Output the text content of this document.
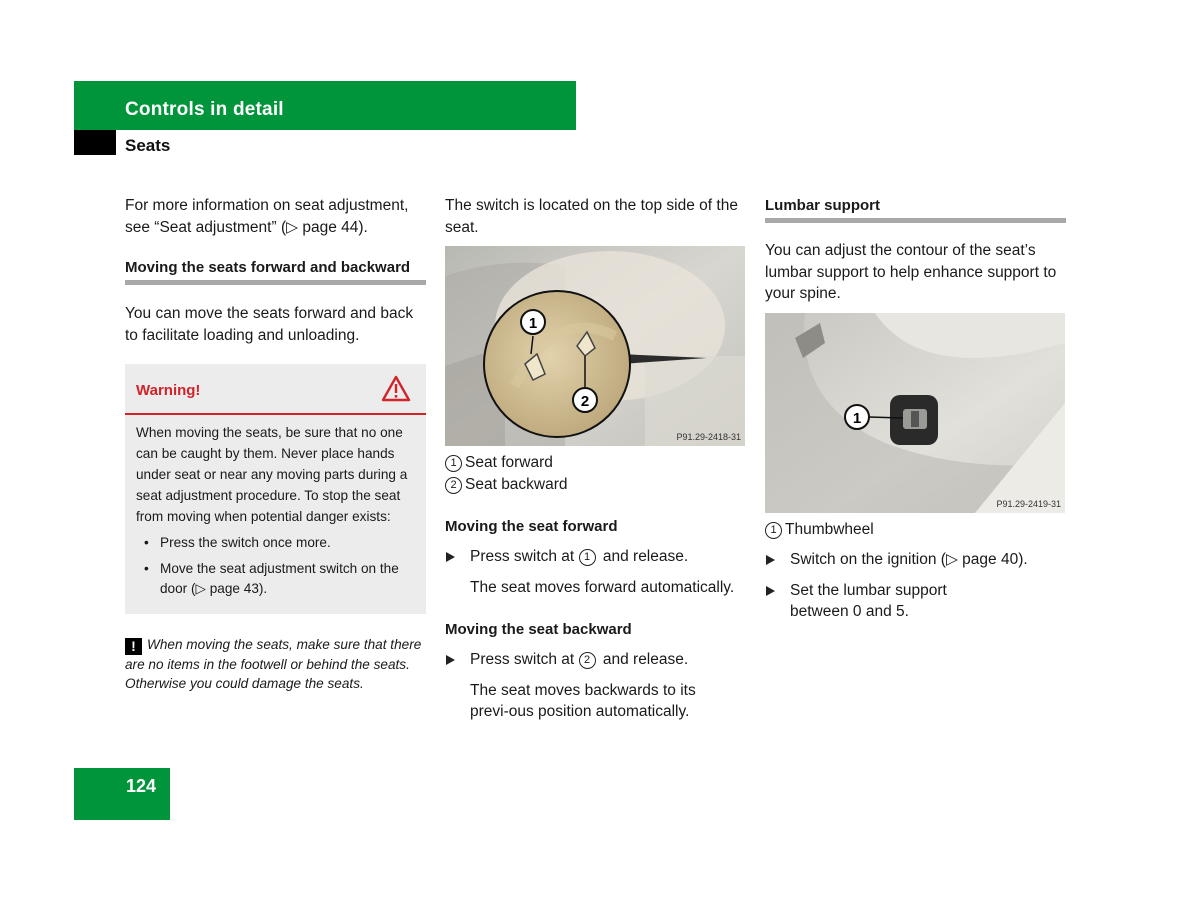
Controls in detail
Seats

For more information on seat adjustment, see “Seat adjustment” (▷ page 44).

Moving the seats forward and backward

You can move the seats forward and back to facilitate loading and unloading.

Warning!

When moving the seats, be sure that no one can be caught by them. Never place hands under seat or near any moving parts during a seat adjustment procedure. To stop the seat from moving when potential danger exists:

• Press the switch once more.
• Move the seat adjustment switch on the door (▷ page 43).

! When moving the seats, make sure that there are no items in the footwell or behind the seats. Otherwise you could damage the seats.

The switch is located on the top side of the seat.

1
2
P91.29-2418-31

1 Seat forward

2 Seat backward

Moving the seat forward

Press switch at 1 and release.

The seat moves forward automatically.

Moving the seat backward

Press switch at 2 and release.

The seat moves backwards to its previ-ous position automatically.

Lumbar support

You can adjust the contour of the seat’s lumbar support to help enhance support to your spine.

1
P91.29-2419-31

1 Thumbwheel

Switch on the ignition (▷ page 40).

Set the lumbar support between 0 and 5.

124
